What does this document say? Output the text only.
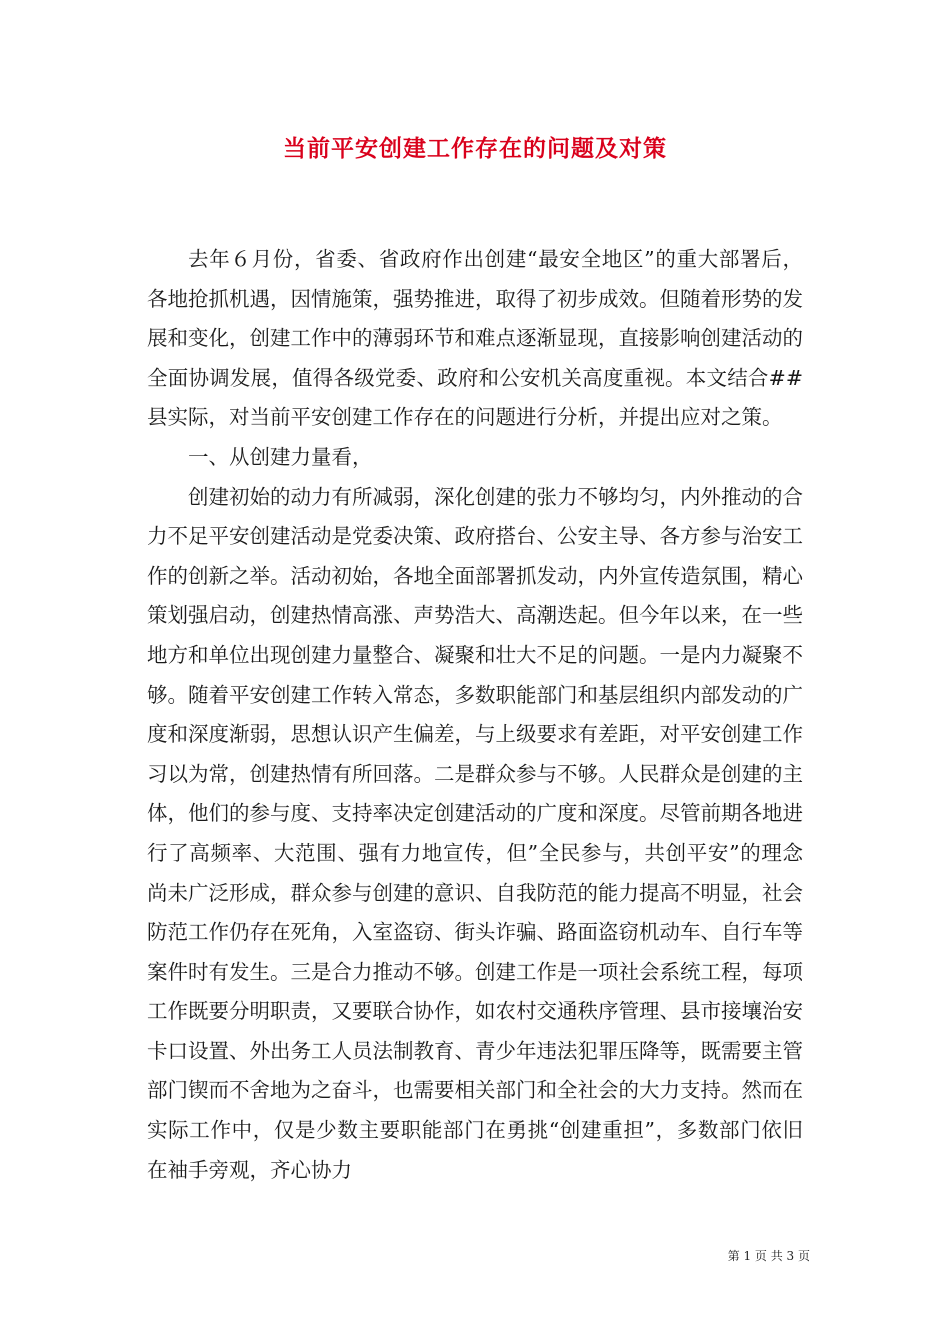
当前平安创建工作存在的问题及对策

去年６月份，省委、省政府作出创建“最安全地区”的重大部署后，各地抢抓机遇，因情施策，强势推进，取得了初步成效。但随着形势的发展和变化，创建工作中的薄弱环节和难点逐渐显现，直接影响创建活动的全面协调发展，值得各级党委、政府和公安机关高度重视。本文结合##县实际，对当前平安创建工作存在的问题进行分析，并提出应对之策。

一、从创建力量看，

创建初始的动力有所减弱，深化创建的张力不够均匀，内外推动的合力不足平安创建活动是党委决策、政府搭台、公安主导、各方参与治安工作的创新之举。活动初始，各地全面部署抓发动，内外宣传造氛围，精心策划强启动，创建热情高涨、声势浩大、高潮迭起。但今年以来，在一些地方和单位出现创建力量整合、凝聚和壮大不足的问题。一是内力凝聚不够。随着平安创建工作转入常态，多数职能部门和基层组织内部发动的广度和深度渐弱，思想认识产生偏差，与上级要求有差距，对平安创建工作习以为常，创建热情有所回落。二是群众参与不够。人民群众是创建的主体，他们的参与度、支持率决定创建活动的广度和深度。尽管前期各地进行了高频率、大范围、强有力地宣传，但”全民参与，共创平安”的理念尚未广泛形成，群众参与创建的意识、自我防范的能力提高不明显，社会防范工作仍存在死角，入室盗窃、街头诈骗、路面盗窃机动车、自行车等案件时有发生。三是合力推动不够。创建工作是一项社会系统工程，每项工作既要分明职责，又要联合协作，如农村交通秩序管理、县市接壤治安卡口设置、外出务工人员法制教育、青少年违法犯罪压降等，既需要主管部门锲而不舍地为之奋斗，也需要相关部门和全社会的大力支持。然而在实际工作中，仅是少数主要职能部门在勇挑“创建重担”，多数部门依旧在袖手旁观，齐心协力

第 1 页 共 3 页
